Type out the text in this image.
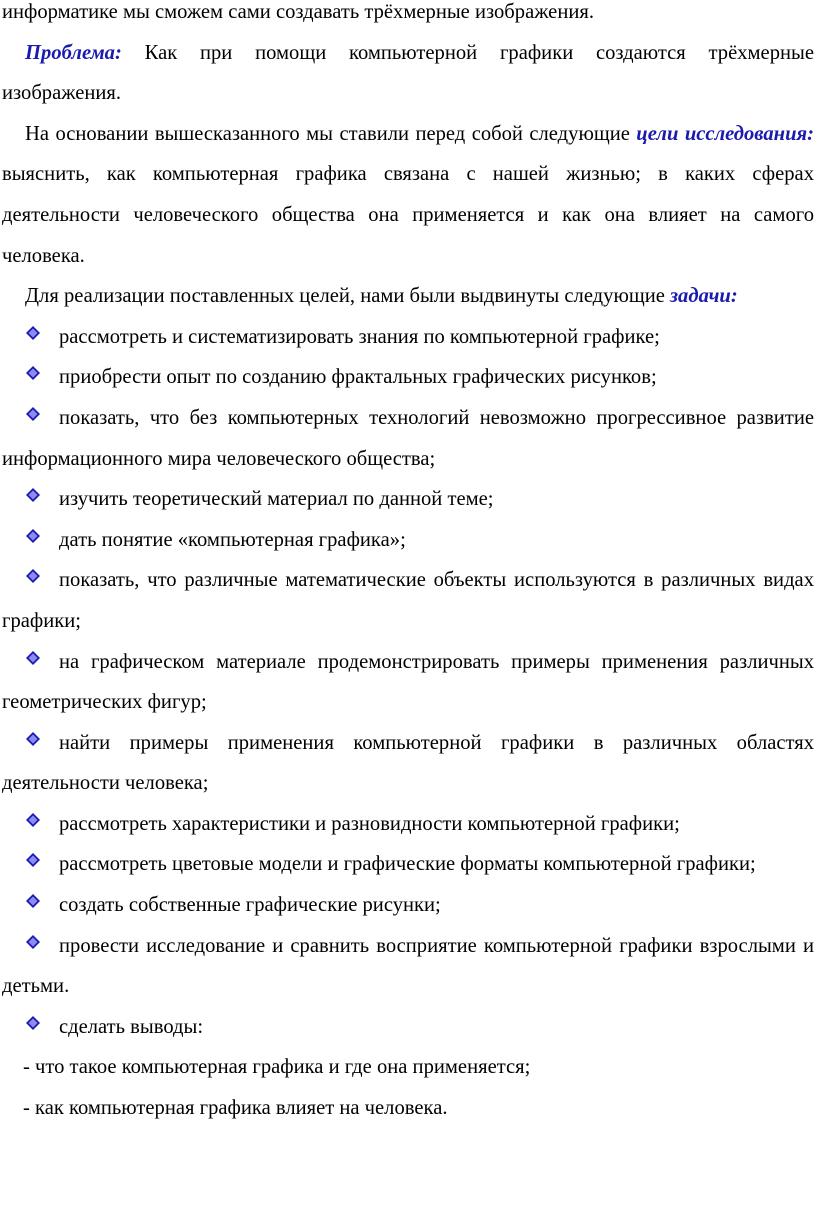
информатике мы сможем сами создавать трёхмерные изображения.

Проблема: Как при помощи компьютерной графики создаются трёхмерные изображения.

На основании вышесказанного мы ставили перед собой следующие цели исследования: выяснить, как компьютерная графика связана с нашей жизнью; в каких сферах деятельности человеческого общества она применяется и как она влияет на самого человека.

Для реализации поставленных целей, нами были выдвинуты следующие задачи:

рассмотреть и систематизировать знания по компьютерной графике;

приобрести опыт по созданию фрактальных графических рисунков;

показать, что без компьютерных технологий невозможно прогрессивное развитие информационного мира человеческого общества;

изучить теоретический материал по данной теме;

дать понятие «компьютерная графика»;

показать, что различные математические объекты используются в различных видах графики;

на графическом материале продемонстрировать примеры применения различных геометрических фигур;

найти примеры применения компьютерной графики в различных областях деятельности человека;

рассмотреть характеристики и разновидности компьютерной графики;

рассмотреть цветовые модели и графические форматы компьютерной графики;

создать собственные графические рисунки;

провести исследование и сравнить восприятие компьютерной графики взрослыми и детьми.

сделать выводы:

- что такое компьютерная графика и где она применяется;

- как компьютерная графика влияет на человека.
